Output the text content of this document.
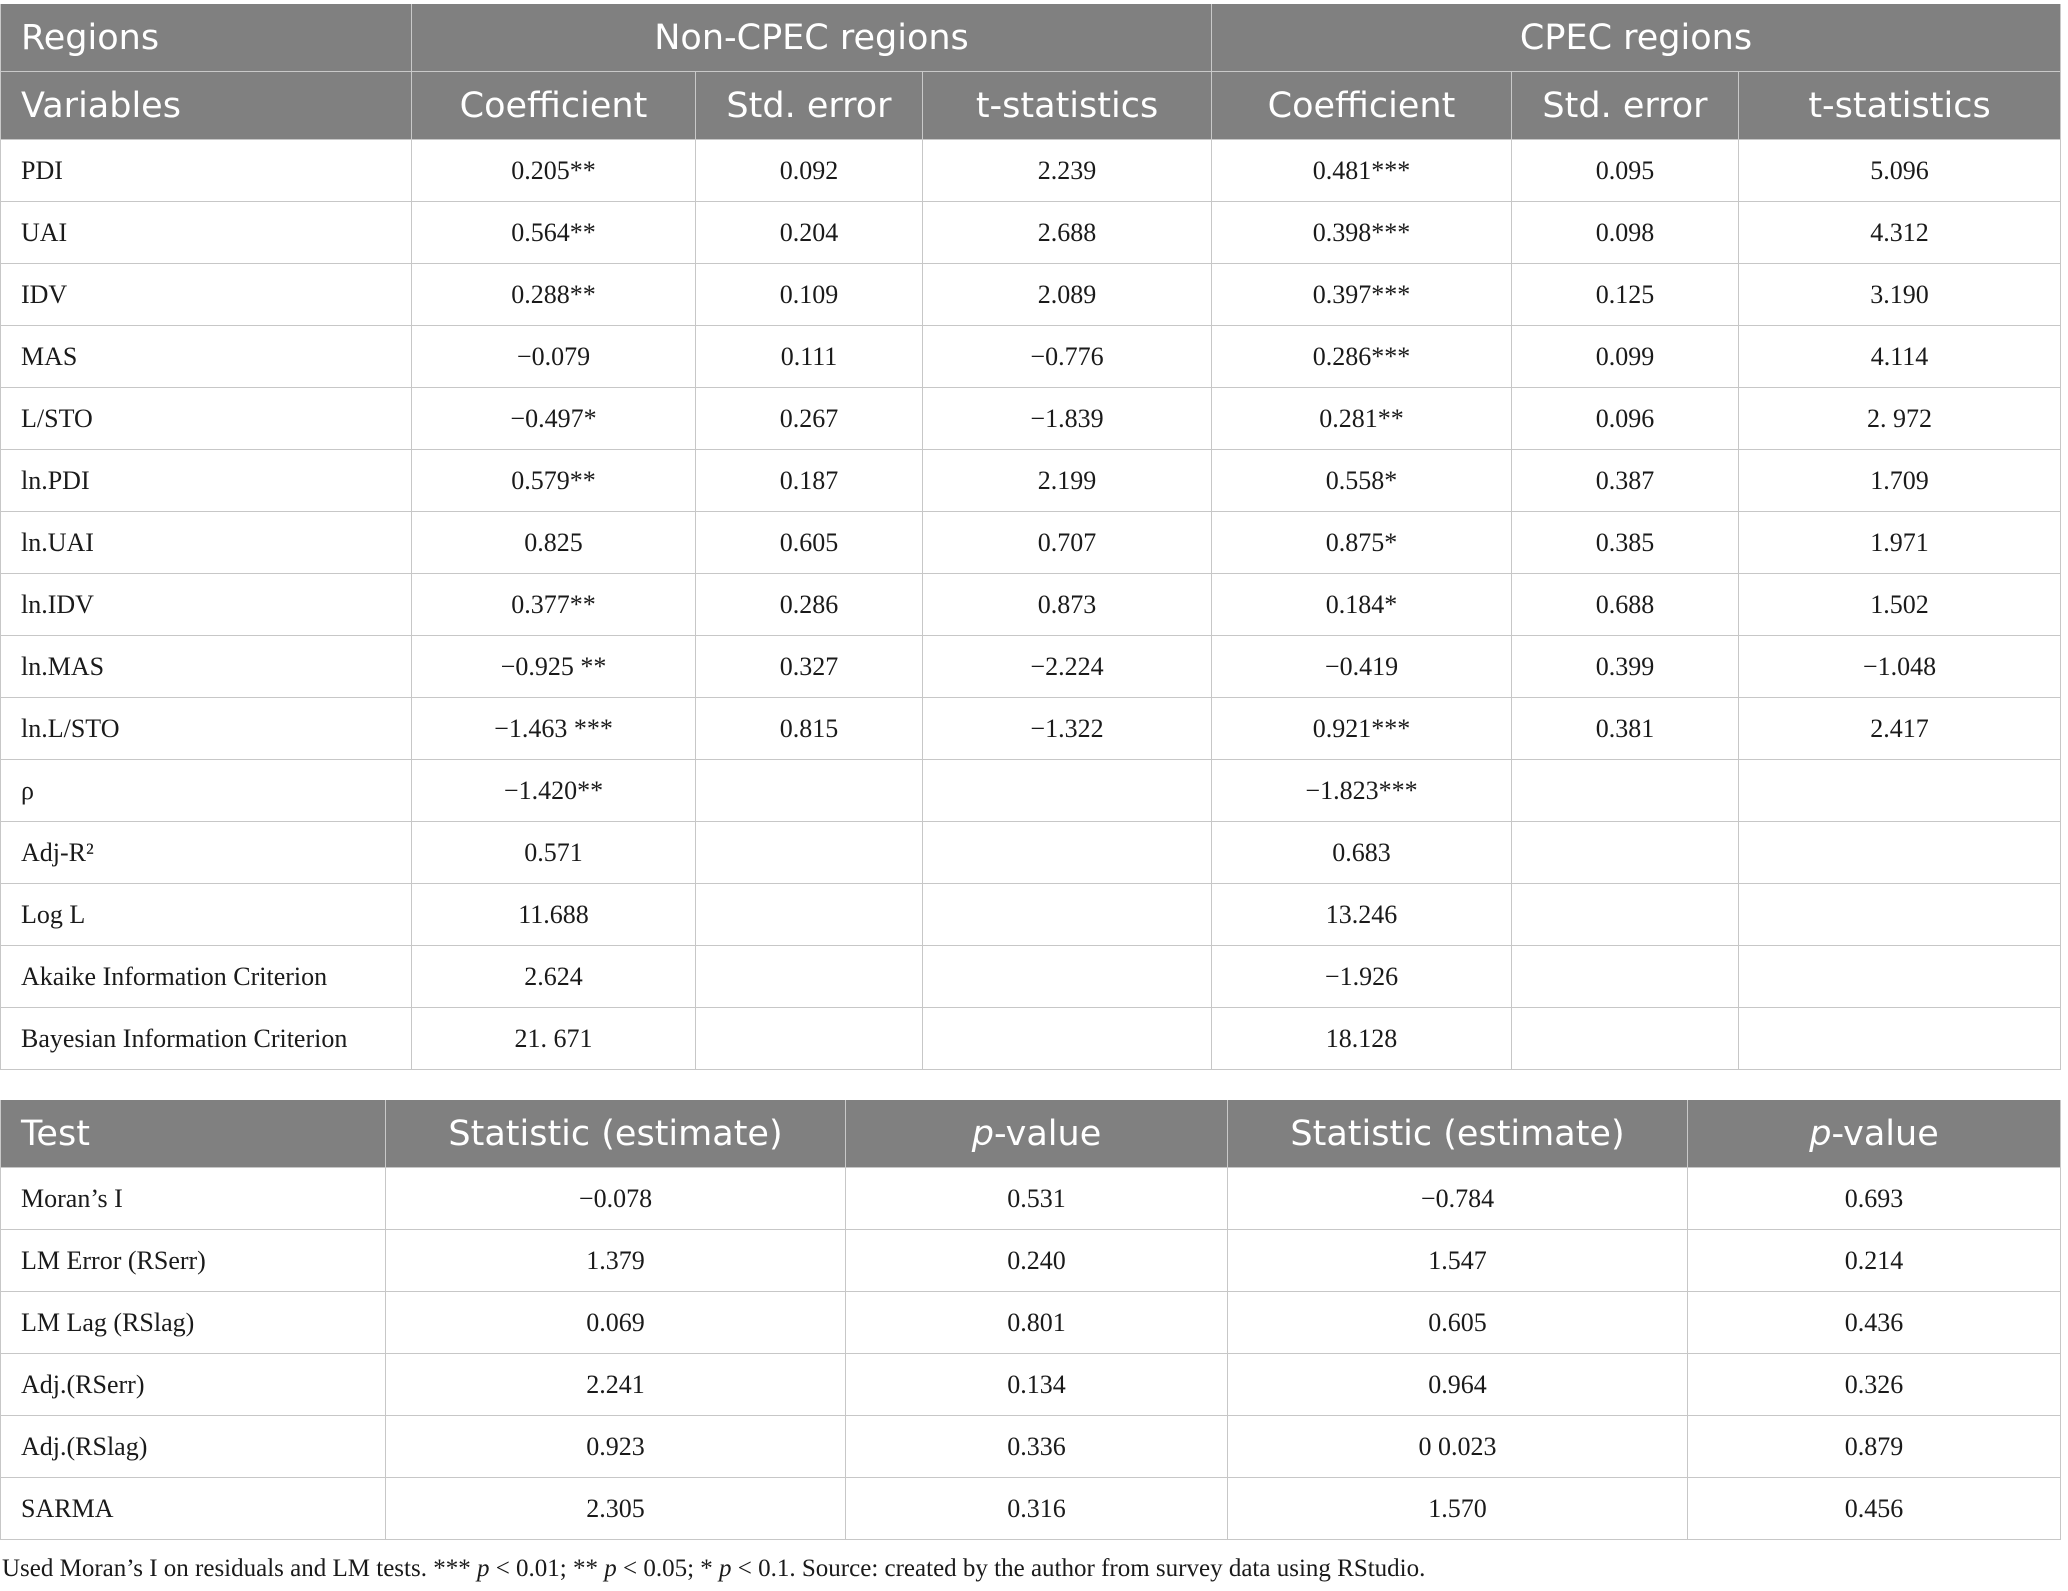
Regions	Non-CPEC regions			CPEC regions		
Variables	Coefficient	Std. error	t-statistics	Coefficient	Std. error	t-statistics
PDI	0.205**	0.092	2.239	0.481***	0.095	5.096
UAI	0.564**	0.204	2.688	0.398***	0.098	4.312
IDV	0.288**	0.109	2.089	0.397***	0.125	3.190
MAS	−0.079	0.111	−0.776	0.286***	0.099	4.114
L/STO	−0.497*	0.267	−1.839	0.281**	0.096	2. 972
ln.PDI	0.579**	0.187	2.199	0.558*	0.387	1.709
ln.UAI	0.825	0.605	0.707	0.875*	0.385	1.971
ln.IDV	0.377**	0.286	0.873	0.184*	0.688	1.502
ln.MAS	−0.925 **	0.327	−2.224	−0.419	0.399	−1.048
ln.L/STO	−1.463 ***	0.815	−1.322	0.921***	0.381	2.417
ρ	−1.420**			−1.823***		
Adj-R²	0.571			0.683		
Log L	11.688			13.246		
Akaike Information Criterion	2.624			−1.926		
Bayesian Information Criterion	21. 671			18.128		
Test	Statistic (estimate)	p-value	Statistic (estimate)	p-value
Moran’s I	−0.078	0.531	−0.784	0.693
LM Error (RSerr)	1.379	0.240	1.547	0.214
LM Lag (RSlag)	0.069	0.801	0.605	0.436
Adj.(RSerr)	2.241	0.134	0.964	0.326
Adj.(RSlag)	0.923	0.336	0 0.023	0.879
SARMA	2.305	0.316	1.570	0.456
Used Moran’s I on residuals and LM tests. *** p < 0.01; ** p < 0.05; * p < 0.1. Source: created by the author from survey data using RStudio.
